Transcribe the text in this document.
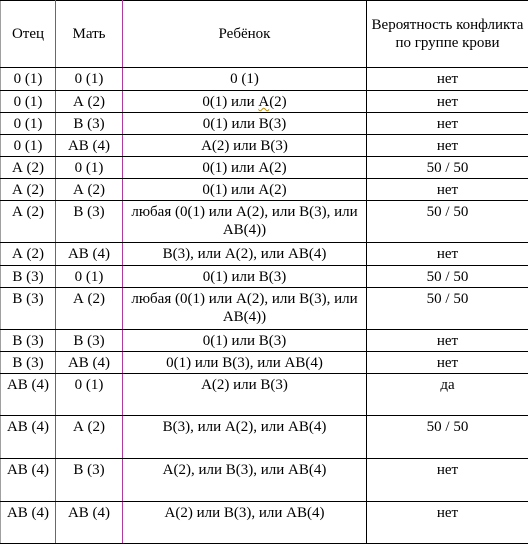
Отец	Мать	Ребёнок	Вероятность конфликта по группе крови
0 (1)	0 (1)	0 (1)	нет
0 (1)	А (2)	0(1) или А(2)	нет
0 (1)	В (3)	0(1) или В(3)	нет
0 (1)	АВ (4)	А(2) или В(3)	нет
А (2)	0 (1)	0(1) или А(2)	50 / 50
А (2)	А (2)	0(1) или А(2)	нет
А (2)	В (3)	любая (0(1) или А(2), или В(3), или АВ(4))	50 / 50
А (2)	АВ (4)	В(3), или А(2), или АВ(4)	нет
В (3)	0 (1)	0(1) или В(3)	50 / 50
В (3)	А (2)	любая (0(1) или А(2), или В(3), или АВ(4))	50 / 50
В (3)	В (3)	0(1) или В(3)	нет
В (3)	АВ (4)	0(1) или В(3), или АВ(4)	нет
АВ (4)	0 (1)	А(2) или В(3)	да
АВ (4)	А (2)	В(3), или А(2), или АВ(4)	50 / 50
АВ (4)	В (3)	А(2), или В(3), или АВ(4)	нет
АВ (4)	АВ (4)	А(2) или В(3), или АВ(4)	нет
